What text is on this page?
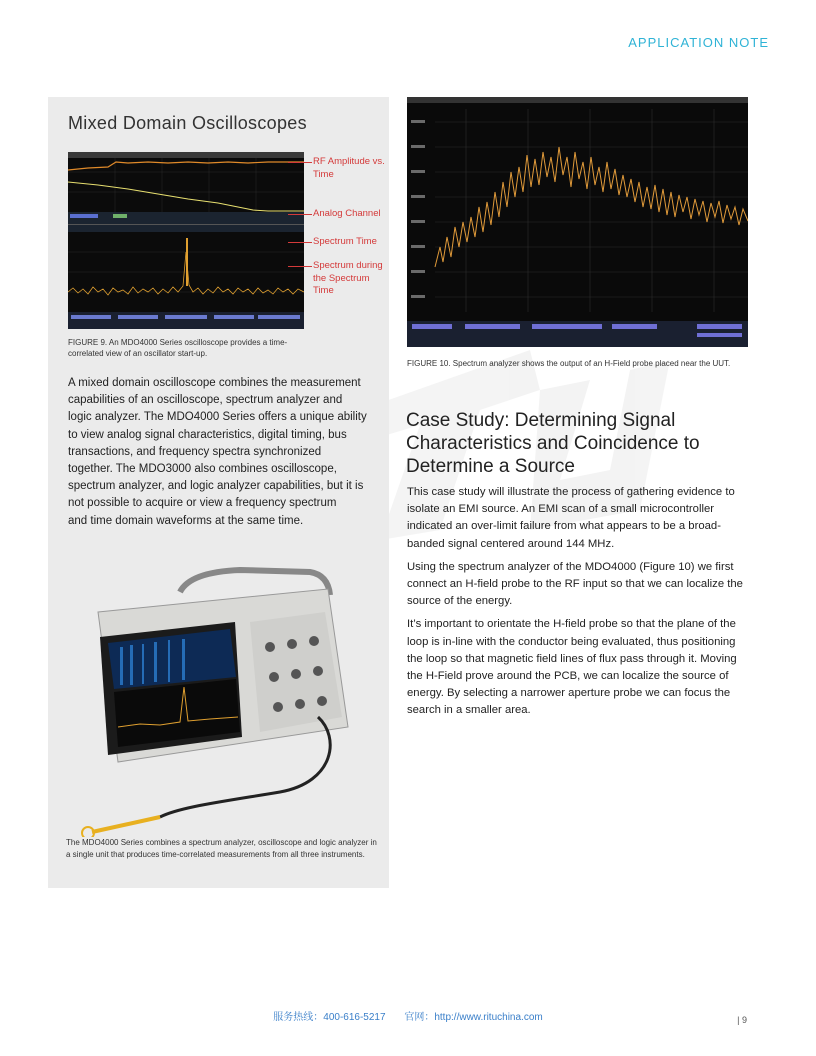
APPLICATION NOTE
Mixed Domain Oscilloscopes
RF Amplitude vs. Time
Analog Channel
Spectrum Time
Spectrum during the Spectrum Time
FIGURE 9. An MDO4000 Series oscilloscope provides a time-correlated view of an oscillator start-up.

A mixed domain oscilloscope combines the measurement capabilities of an oscilloscope, spectrum analyzer and logic analyzer. The MDO4000 Series offers a unique ability to view analog signal characteristics, digital timing, bus transactions, and frequency spectra synchronized together. The MDO3000 also combines oscilloscope, spectrum analyzer, and logic analyzer capabilities, but it is not possible to acquire or view a frequency spectrum

and time domain waveforms at the same time.

The MDO4000 Series combines a spectrum analyzer, oscilloscope and logic analyzer in a single unit that produces time-correlated measurements from all three instruments.
FIGURE 10. Spectrum analyzer shows the output of an H-Field probe placed near the UUT.
Case Study: Determining Signal Characteristics and Coincidence to Determine a Source

This case study will illustrate the process of gathering evidence to isolate an EMI source. An EMI scan of a small microcontroller indicated an over-limit failure from what appears to be a broad-banded signal centered around 144 MHz.

Using the spectrum analyzer of the MDO4000 (Figure 10) we first connect an H-field probe to the RF input so that we can localize the source of the energy.

It’s important to orientate the H-field probe so that the plane of the loop is in-line with the conductor being evaluated, thus positioning the loop so that magnetic field lines of flux pass through it. Moving the H-Field prove around the PCB, we can localize the source of energy. By selecting a narrower aperture probe we can focus the search in a smaller area.

服务热线：400-616-5217 官网：http://www.rituchina.com	| 9
